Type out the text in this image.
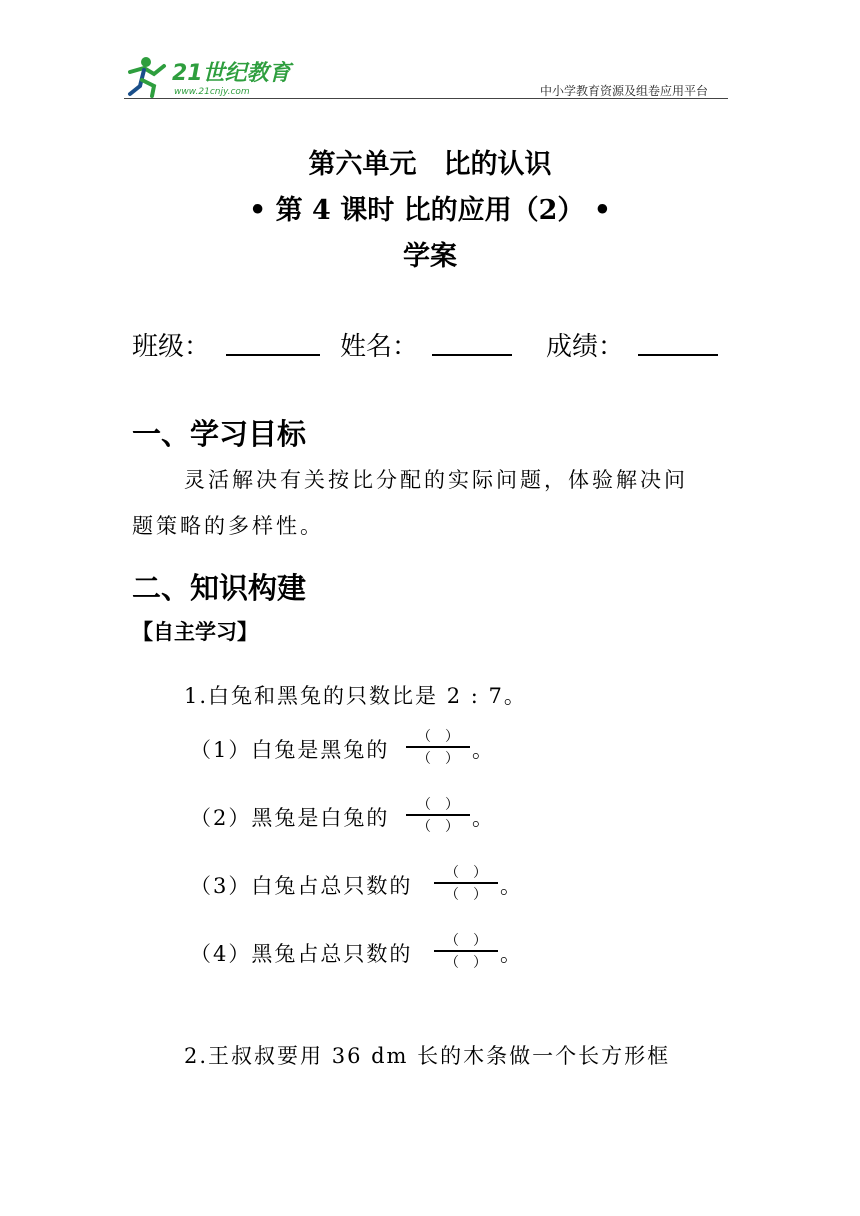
21世纪教育
www.21cnjy.com	中小学教育资源及组卷应用平台
第六单元　比的认识
• 第 4 课时 比的应用（2） •
学案
班级：	姓名：	成绩：
一、学习目标
灵活解决有关按比分配的实际问题，体验解决问
题策略的多样性。
二、知识构建
【自主学习】
1.白兔和黑兔的只数比是 2 : 7。
（1）白兔是黑兔的
（　）
（　） 。
（2）黑兔是白兔的
（　）
（　） 。
（3）白兔占总只数的
（　）
（　） 。
（4）黑兔占总只数的
（　）
（　） 。
2.王叔叔要用 36 dm 长的木条做一个长方形框
